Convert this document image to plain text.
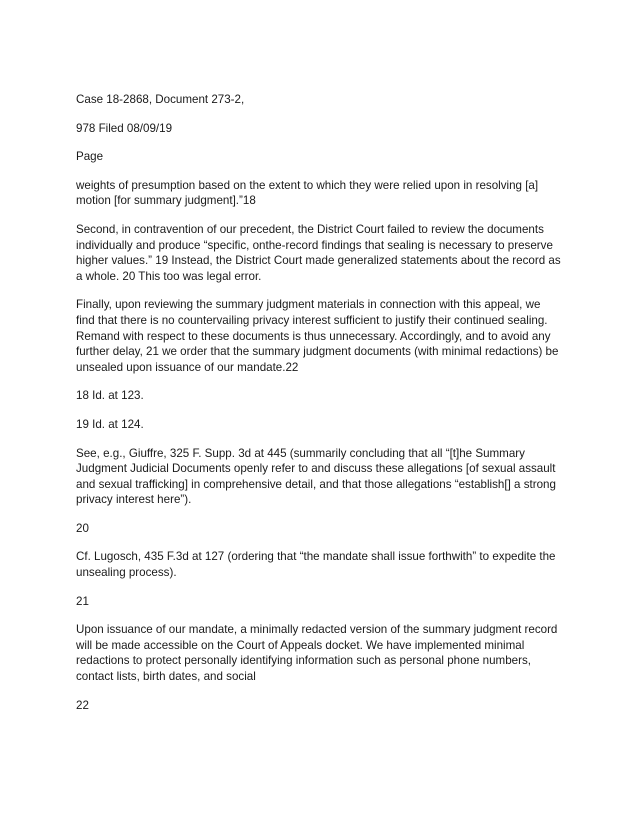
Case 18-2868, Document 273-2,

978 Filed 08/09/19

Page

weights of presumption based on the extent to which they were relied upon in resolving [a] motion [for summary judgment].”18

Second, in contravention of our precedent, the District Court failed to review the documents individually and produce “specific, onthe-record findings that sealing is necessary to preserve higher values.” 19 Instead, the District Court made generalized statements about the record as a whole. 20 This too was legal error.

Finally, upon reviewing the summary judgment materials in connection with this appeal, we find that there is no countervailing privacy interest sufficient to justify their continued sealing. Remand with respect to these documents is thus unnecessary. Accordingly, and to avoid any further delay, 21 we order that the summary judgment documents (with minimal redactions) be unsealed upon issuance of our mandate.22

18 Id. at 123.

19 Id. at 124.

See, e.g., Giuffre, 325 F. Supp. 3d at 445 (summarily concluding that all “[t]he Summary Judgment Judicial Documents openly refer to and discuss these allegations [of sexual assault and sexual trafficking] in comprehensive detail, and that those allegations “establish[] a strong privacy interest here”).

20

Cf. Lugosch, 435 F.3d at 127 (ordering that “the mandate shall issue forthwith” to expedite the unsealing process).

21

Upon issuance of our mandate, a minimally redacted version of the summary judgment record will be made accessible on the Court of Appeals docket. We have implemented minimal redactions to protect personally identifying information such as personal phone numbers, contact lists, birth dates, and social

22
